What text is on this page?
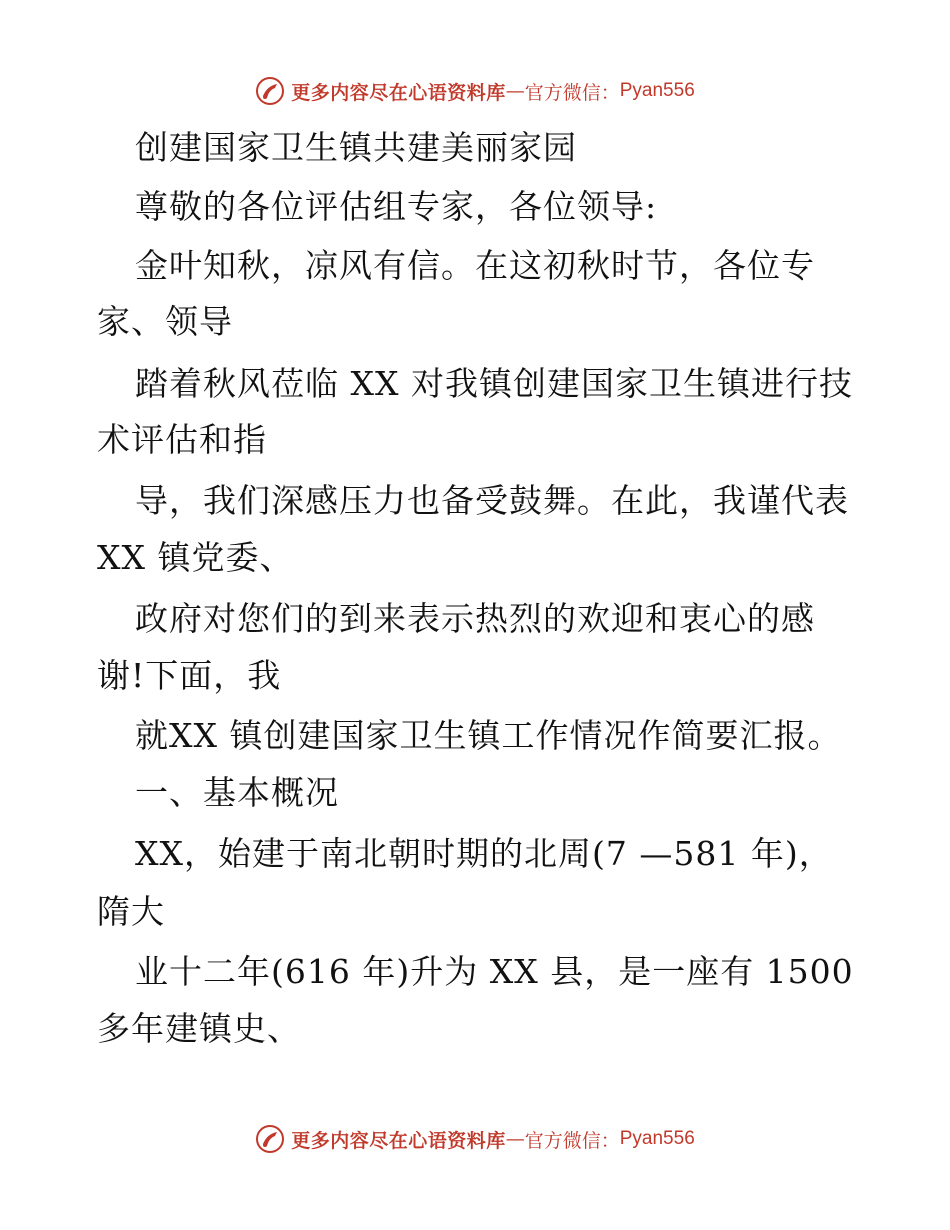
更多内容尽在心语资料库 — 官方微信： Pyan556
创建国家卫生镇共建美丽家园
尊敬的各位评估组专家，各位领导:
金叶知秋，凉风有信。在这初秋时节，各位专
家、领导
踏着秋风莅临 XX 对我镇创建国家卫生镇进行技
术评估和指
导，我们深感压力也备受鼓舞。在此，我谨代表
XX 镇党委、
政府对您们的到来表示热烈的欢迎和衷心的感
谢!下面，我
就XX 镇创建国家卫生镇工作情况作简要汇报。
一、基本概况
XX，始建于南北朝时期的北周(7 —581 年)，
隋大
业十二年(616 年)升为 XX 县，是一座有 1500
多年建镇史、
更多内容尽在心语资料库 — 官方微信： Pyan556
